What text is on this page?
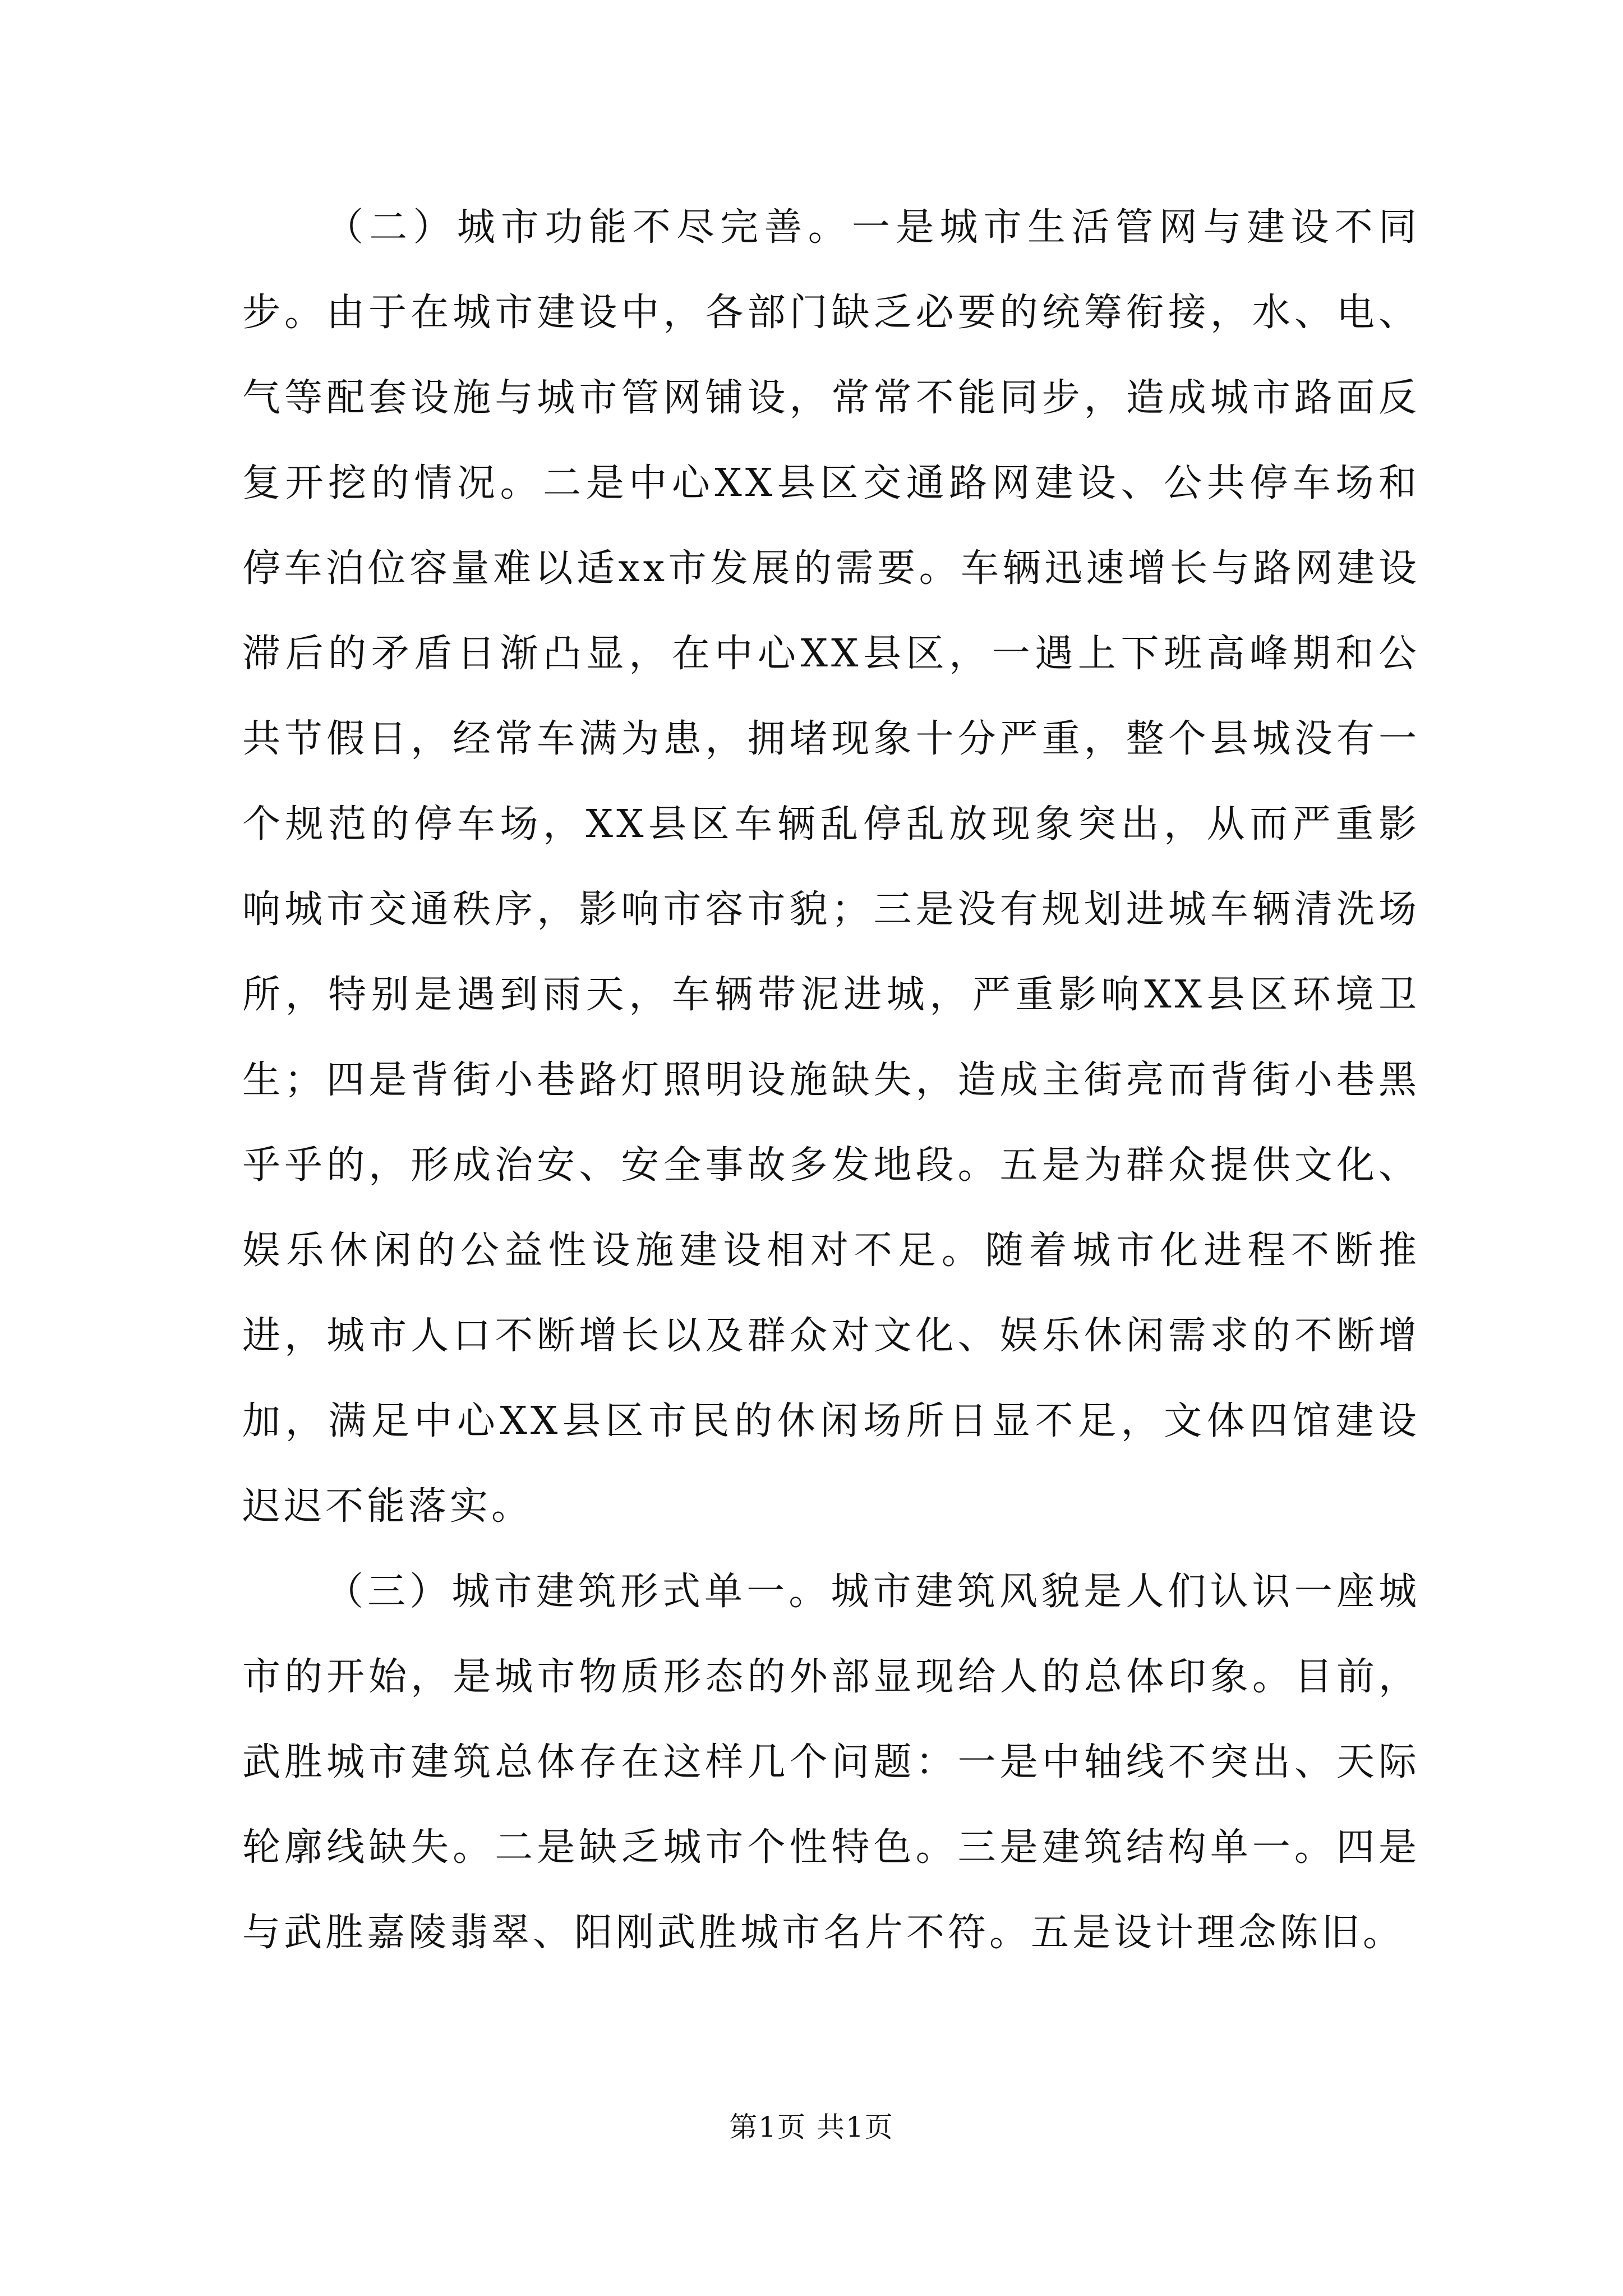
（二）城市功能不尽完善。一是城市生活管网与建设不同步。由于在城市建设中，各部门缺乏必要的统筹衔接，水、电、气等配套设施与城市管网铺设，常常不能同步，造成城市路面反复开挖的情况。二是中心XX县区交通路网建设、公共停车场和停车泊位容量难以适xx市发展的需要。车辆迅速增长与路网建设滞后的矛盾日渐凸显，在中心XX县区，一遇上下班高峰期和公共节假日，经常车满为患，拥堵现象十分严重，整个县城没有一个规范的停车场，XX县区车辆乱停乱放现象突出，从而严重影响城市交通秩序，影响市容市貌；三是没有规划进城车辆清洗场所，特别是遇到雨天，车辆带泥进城，严重影响XX县区环境卫生；四是背街小巷路灯照明设施缺失，造成主街亮而背街小巷黑乎乎的，形成治安、安全事故多发地段。五是为群众提供文化、娱乐休闲的公益性设施建设相对不足。随着城市化进程不断推进，城市人口不断增长以及群众对文化、娱乐休闲需求的不断增加，满足中心XX县区市民的休闲场所日显不足，文体四馆建设迟迟不能落实。

（三）城市建筑形式单一。城市建筑风貌是人们认识一座城市的开始，是城市物质形态的外部显现给人的总体印象。目前，武胜城市建筑总体存在这样几个问题：一是中轴线不突出、天际轮廓线缺失。二是缺乏城市个性特色。三是建筑结构单一。四是与武胜嘉陵翡翠、阳刚武胜城市名片不符。五是设计理念陈旧。

第1页 共1页
